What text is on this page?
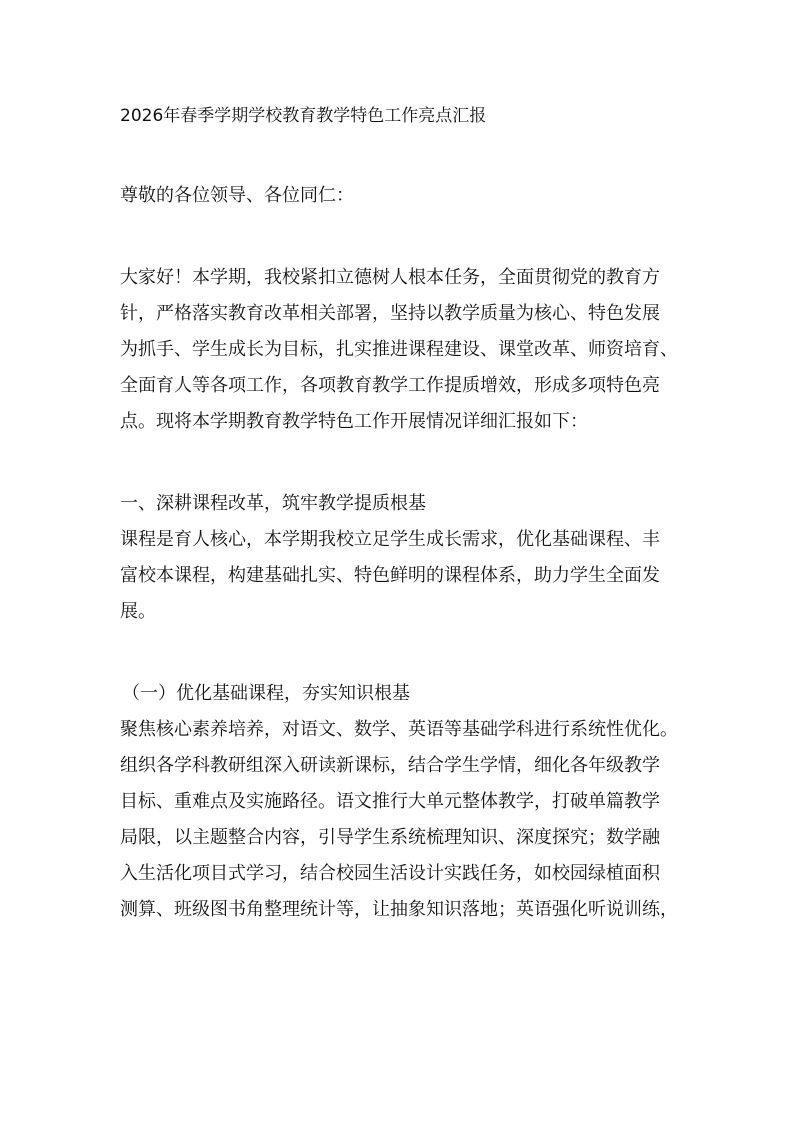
2026年春季学期学校教育教学特色工作亮点汇报
尊敬的各位领导、各位同仁：
大家好！本学期，我校紧扣立德树人根本任务，全面贯彻党的教育方
针，严格落实教育改革相关部署，坚持以教学质量为核心、特色发展
为抓手、学生成长为目标，扎实推进课程建设、课堂改革、师资培育、
全面育人等各项工作，各项教育教学工作提质增效，形成多项特色亮
点。现将本学期教育教学特色工作开展情况详细汇报如下：
一、深耕课程改革，筑牢教学提质根基
课程是育人核心，本学期我校立足学生成长需求，优化基础课程、丰
富校本课程，构建基础扎实、特色鲜明的课程体系，助力学生全面发
展。
（一）优化基础课程，夯实知识根基
聚焦核心素养培养，对语文、数学、英语等基础学科进行系统性优化。
组织各学科教研组深入研读新课标，结合学生学情，细化各年级教学
目标、重难点及实施路径。语文推行大单元整体教学，打破单篇教学
局限，以主题整合内容，引导学生系统梳理知识、深度探究；数学融
入生活化项目式学习，结合校园生活设计实践任务，如校园绿植面积
测算、班级图书角整理统计等，让抽象知识落地；英语强化听说训练，
